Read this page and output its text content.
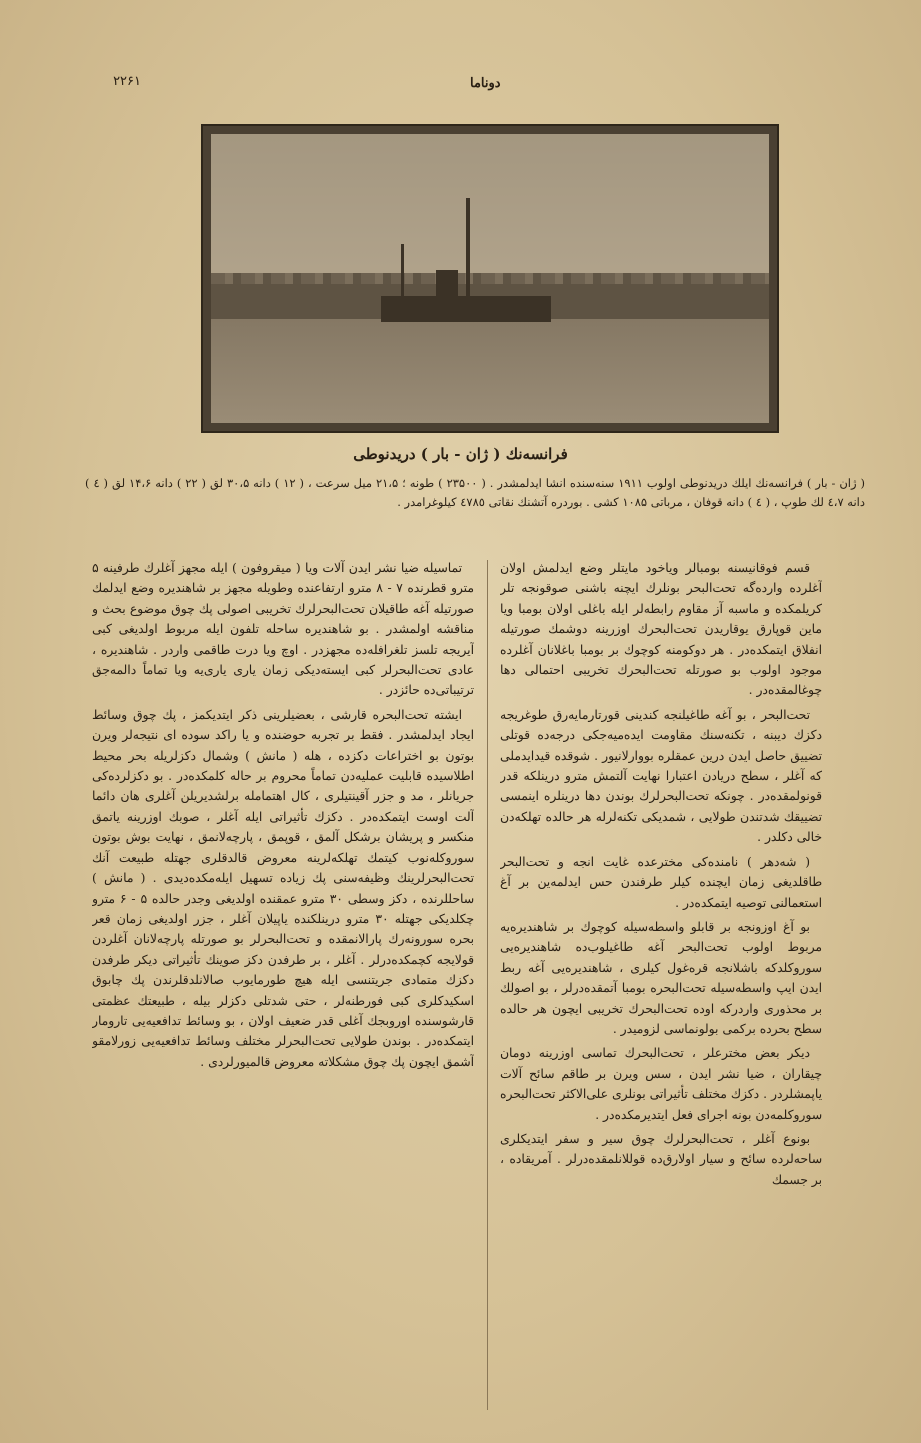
۲۲۶۱	دوناما
فرانسه‌نك ( ژان - بار ) دریدنوطی
( ژان - بار ) فرانسه‌نك ایلك دریدنوطی اولوب ۱۹۱۱ سنه‌سنده انشا ایدلمشدر . ( ۲۳۵۰۰ ) طونه ؛ ۲۱،۵ میل سرعت ، ( ۱۲ ) دانه ۳۰،۵ لق ( ۲۲ ) دانه ۱۴،۶ لق ( ٤ ) دانه ٤،۷ لك طوپ ، ( ٤ ) دانه قوفان ، مرباتی ۱۰۸۵ کشی . بوردره آتشنك نقاتی ٤٧٨٥ کیلوغرامدر .

قسم فوقانیسنه بومبالر ویاخود مایتلر وضع ایدلمش اولان آغلرده وارده‌گه تحت‌البحر بونلرك ایچنه باشنی صوقونجه تلر کریلمکده و ماسبه آز مقاوم رابطه‌لر ایله باغلی اولان بومبا ویا ماین قوپارق یوقاریدن تحت‌البحرك اوزرینه دوشمك صورتیله انفلاق ایتمکده‌در . هر دوکومنه کوچوك بر بومبا باغلانان آغلرده موجود اولوب بو صورتله تحت‌البحرك تخریبی احتمالی دها چوغالمقده‌در .

تحت‌البحر ، بو آغه طاغیلنجه کندینی قورتارمایه‌رق طوغریجه دکزك دیبنه ، تکنه‌سنك مقاومت ایده‌میه‌جکی درجه‌ده قوتلی تضییق حاصل ایدن درین عمقلره بووارلانیور . شوقده قیدایدملی که آغلر ، سطح دریادن اعتبارا نهایت آلتمش مترو درینلکه قدر قونولمقده‌در . چونکه تحت‌البحرلرك بوندن دها درینلره اینمسی تضییقك شدتندن طولایی ، شمدیکی تکنه‌لرله هر حالده تهلکه‌دن خالی دکلدر .

( شه‌دهر ) نامنده‌کی مخترعده غایت انجه و تحت‌البحر طاقلدیغی زمان ایچنده کیلر طرفندن حس ایدلمه‌ین بر آغ استعمالنی توصیه ایتمکده‌در .

بو آغ اوزونجه بر قابلو واسطه‌سیله کوچوك بر شاهندیره‌یه مربوط اولوب تحت‌البحر آغه طاغیلوب‌ده شاهندیره‌یی سوروکلدکه باشلانجه قره‌غول کیلری ، شاهندیره‌یی آغه ربط ایدن ایپ واسطه‌سیله تحت‌البحره بومبا آتمقده‌درلر ، بو اصولك بر محذوری واردرکه اوده تحت‌البحرك تخریبی ایچون هر حالده سطح بحرده برکمی بولونماسی لزومیدر .

دیکر بعض مخترعلر ، تحت‌البحرك تماسی اوزرینه دومان چیقاران ، ضیا نشر ایدن ، سس ویرن بر طاقم سائح آلات یاپمشلردر . دکزك مختلف تأثیراتی بونلری علی‌الاکثر تحت‌البحره سوروکلمه‌دن بونه اجرای فعل ایتدیرمکده‌در .

بونوع آغلر ، تحت‌البحرلرك چوق سیر و سفر ایتدیکلری ساحه‌لرده سائح و سیار اولارق‌ده قوللانلمقده‌درلر . آمریقاده ، بر جسمك

تماسیله ضیا نشر ایدن آلات ویا ( میقروفون ) ایله مجهز آغلرك طرفینه ۵ مترو قطرنده ۷ - ۸ مترو ارتفاعنده وطویله مجهز بر شاهندیره وضع ایدلمك صورتیله آغه طاقیلان تحت‌البحرلرك تخریبی اصولی پك چوق موضوع بحث و مناقشه اولمشدر . بو شاهندیره ساحله تلفون ایله مربوط اولدیغی کبی آیریجه تلسز تلغرافله‌ده مجهزدر . اوچ ویا درت طاقمی واردر . شاهندیره ، عادی تحت‌البحرلر کبی ایسته‌دیکی زمان یاری یاری‌یه ویا تماماً دالمه‌جق ترتیباتی‌ده حائزدر .

ایشته تحت‌البحره قارشی ، بعضیلرینی ذکر ایتدیکمز ، پك چوق وسائط ایجاد ایدلمشدر . فقط بر تجربه حوضنده و یا راکد سوده ای نتیجه‌لر ویرن بوتون بو اختراعات دکزده ، هله ( مانش ) وشمال دکزلریله بحر محیط اطلاسیده قابلیت عملیه‌دن تماماً محروم بر حاله کلمکده‌در . بو دکزلرده‌کی جریانلر ، مد و جزر آقینتیلری ، کال اهتمامله برلشدیریلن آغلری هان دائما آلت اوست ایتمکده‌در . دکزك تأثیراتی ایله آغلر ، صوبك اوزرینه یاتمق منکسر و پریشان برشکل آلمق ، قوپمق ، پارچه‌لانمق ، نهایت بوش بوتون سوروکله‌نوب کیتمك تهلکه‌لرینه معروض قالدقلری جهتله طبیعت آنك تحت‌البحرلرینك وظیفه‌سنی پك زیاده تسهیل ایله‌مکده‌دیدی . ( مانش ) ساحللرنده ، دکز وسطی ۳۰ مترو عمقنده اولدیغی وجدر حالده ۵ - ۶ مترو چکلدیکی جهتله ۳۰ مترو درینلکنده یاپیلان آغلر ، جزر اولدیغی زمان قعر بحره سورونه‌رك پارالانمقده و تحت‌البحرلر بو صورتله پارچه‌لانان آغلردن قولایجه کچمکده‌درلر . آغلر ، بر طرفدن دکز صوینك تأثیراتی دیکر طرفدن دکزك متمادی جریتنسی ایله هیچ طورمایوب صالانلدقلرندن پك چابوق اسکیدکلری کبی فورطنه‌لر ، حتی شدتلی دکزلر بیله ، طبیعتك عظمتی قارشوسنده اوروبجك آغلی قدر ضعیف اولان ، بو وسائط تدافعیه‌یی تارومار ایتمکده‌در . بوندن طولایی تحت‌البحرلر مختلف وسائط تدافعیه‌یی زورلامقو آشمق ایچون پك چوق مشکلاته معروض قالمیورلردی .
